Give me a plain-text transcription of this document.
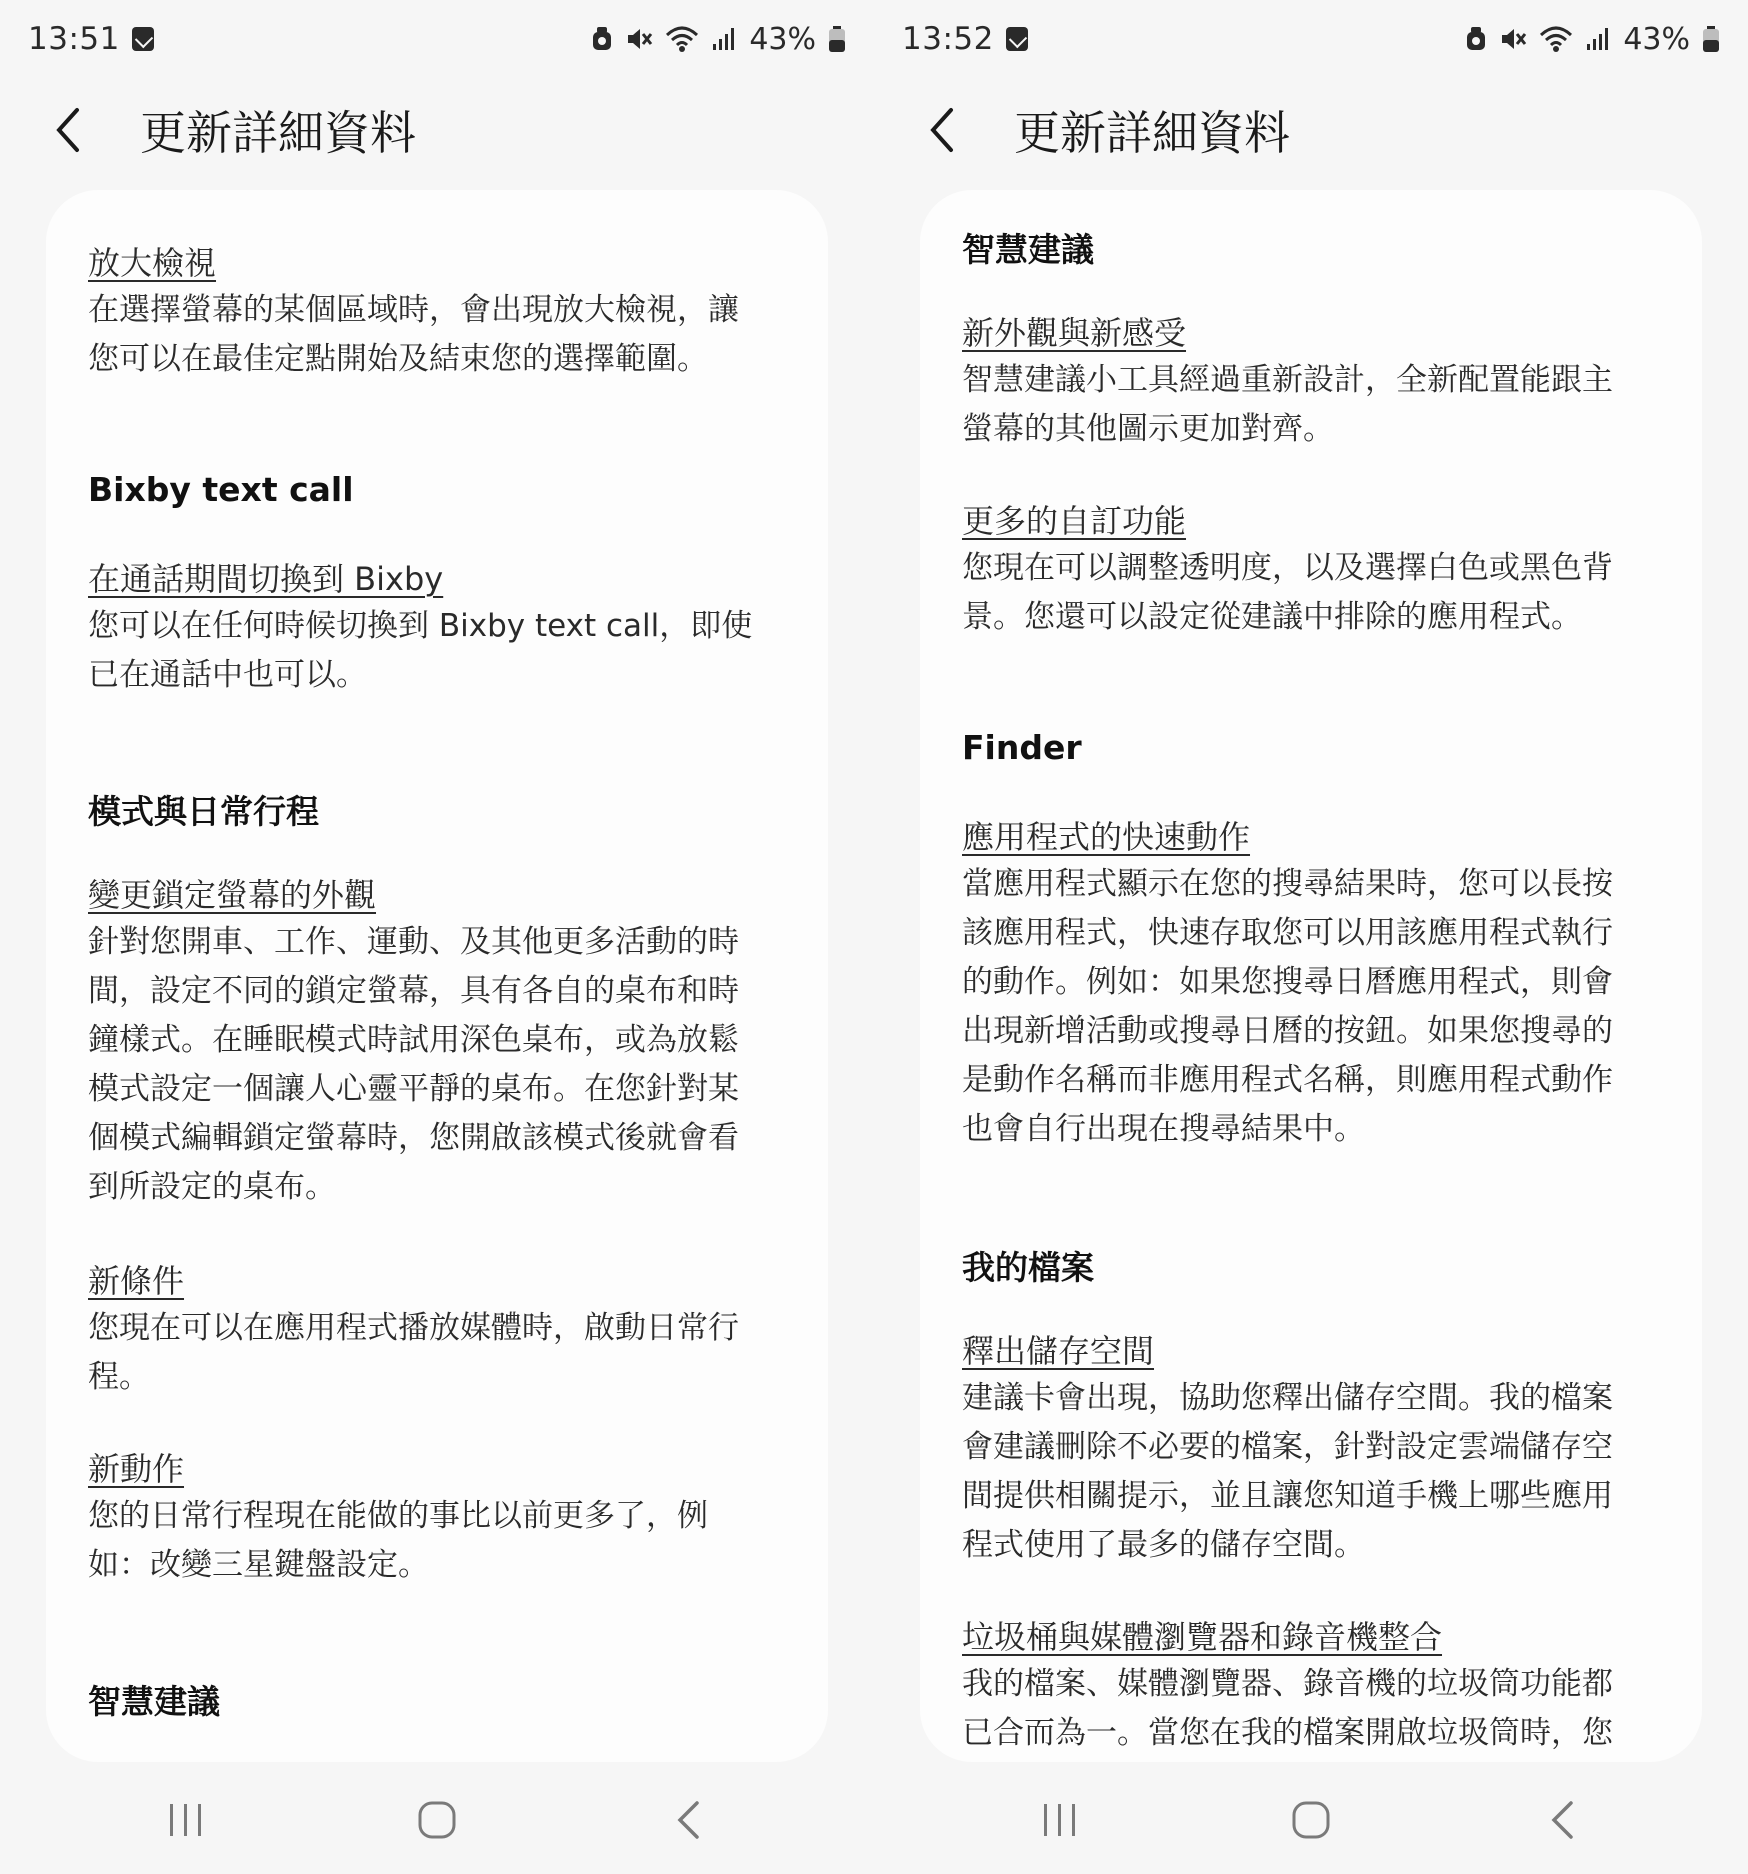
13:51	43%
更新詳細資料
放大檢視
在選擇螢幕的某個區域時，會出現放大檢視，讓
您可以在最佳定點開始及結束您的選擇範圍。
Bixby text call
在通話期間切換到 Bixby
您可以在任何時候切換到 Bixby text call，即使
已在通話中也可以。
模式與日常行程
變更鎖定螢幕的外觀
針對您開車、工作、運動、及其他更多活動的時
間，設定不同的鎖定螢幕，具有各自的桌布和時
鐘樣式。在睡眠模式時試用深色桌布，或為放鬆
模式設定一個讓人心靈平靜的桌布。在您針對某
個模式編輯鎖定螢幕時，您開啟該模式後就會看
到所設定的桌布。
新條件
您現在可以在應用程式播放媒體時，啟動日常行
程。
新動作
您的日常行程現在能做的事比以前更多了，例
如：改變三星鍵盤設定。
智慧建議
13:52	43%
更新詳細資料
智慧建議
新外觀與新感受
智慧建議小工具經過重新設計，全新配置能跟主
螢幕的其他圖示更加對齊。
更多的自訂功能
您現在可以調整透明度，以及選擇白色或黑色背
景。您還可以設定從建議中排除的應用程式。
Finder
應用程式的快速動作
當應用程式顯示在您的搜尋結果時，您可以長按
該應用程式，快速存取您可以用該應用程式執行
的動作。例如：如果您搜尋日曆應用程式，則會
出現新增活動或搜尋日曆的按鈕。如果您搜尋的
是動作名稱而非應用程式名稱，則應用程式動作
也會自行出現在搜尋結果中。
我的檔案
釋出儲存空間
建議卡會出現，協助您釋出儲存空間。我的檔案
會建議刪除不必要的檔案，針對設定雲端儲存空
間提供相關提示，並且讓您知道手機上哪些應用
程式使用了最多的儲存空間。
垃圾桶與媒體瀏覽器和錄音機整合
我的檔案、媒體瀏覽器、錄音機的垃圾筒功能都
已合而為一。當您在我的檔案開啟垃圾筒時，您
